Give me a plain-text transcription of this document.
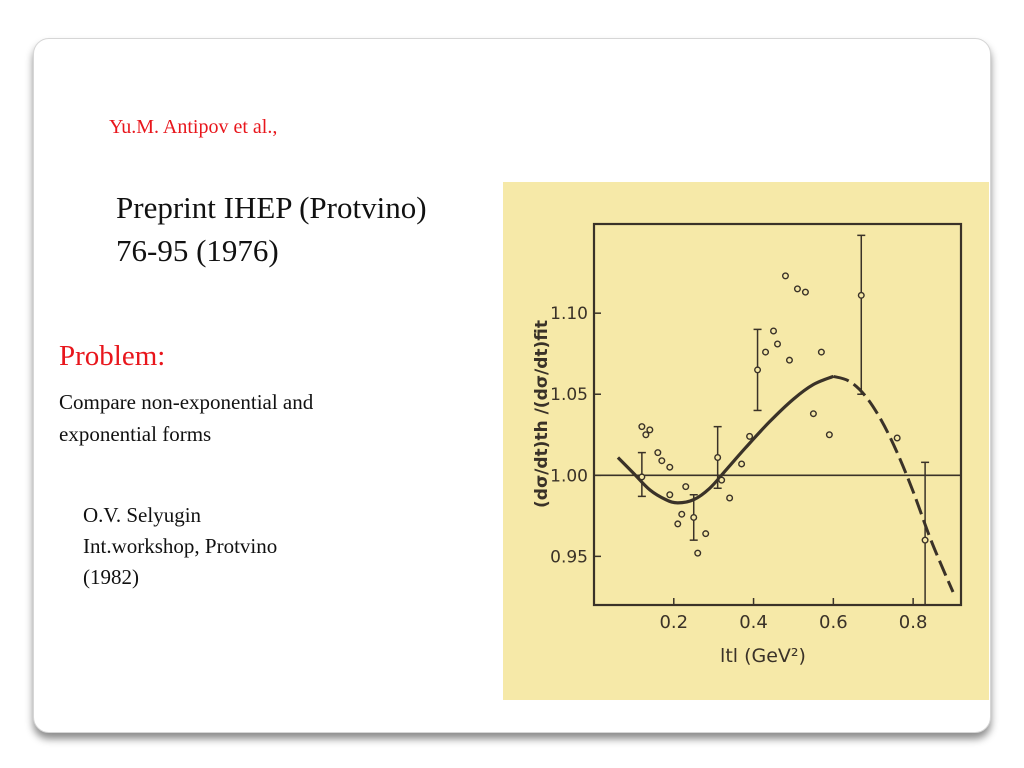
Yu.M. Antipov et al.,

Preprint IHEP (Protvino)
76-95 (1976)

Problem:

Compare non-exponential and
exponential forms
O.V. Selyugin
Int.workshop, Protvino
(1982)
0.2	0.4	0.6	0.8
0.95
1.00
1.05
1.10
ltl (GeV²)
(dσ/dt)th /(dσ/dt)fit
